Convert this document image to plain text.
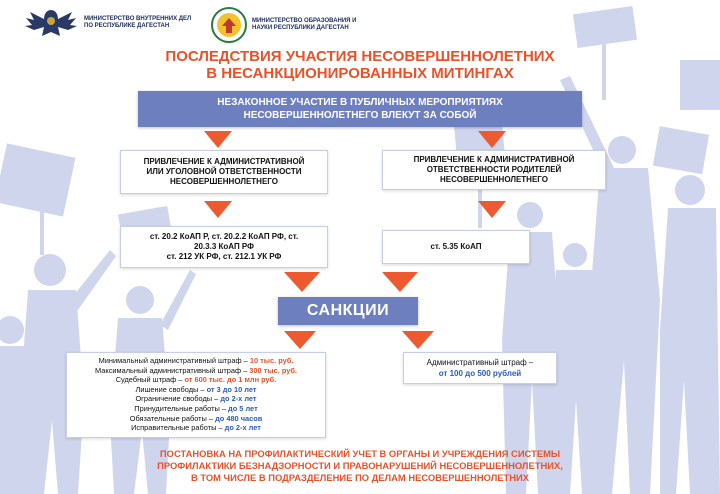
МИНИСТЕРСТВО ВНУТРЕННИХ ДЕЛ ПО РЕСПУБЛИКЕ ДАГЕСТАН
МИНИСТЕРСТВО ОБРАЗОВАНИЯ И НАУКИ РЕСПУБЛИКИ ДАГЕСТАН
ПОСЛЕДСТВИЯ УЧАСТИЯ НЕСОВЕРШЕННОЛЕТНИХ
В НЕСАНКЦИОНИРОВАННЫХ МИТИНГАХ
НЕЗАКОННОЕ УЧАСТИЕ В ПУБЛИЧНЫХ МЕРОПРИЯТИЯХ
НЕСОВЕРШЕННОЛЕТНЕГО ВЛЕКУТ ЗА СОБОЙ
ПРИВЛЕЧЕНИЕ К АДМИНИСТРАТИВНОЙ
ИЛИ УГОЛОВНОЙ ОТВЕТСТВЕННОСТИ
НЕСОВЕРШЕННОЛЕТНЕГО
ПРИВЛЕЧЕНИЕ К АДМИНИСТРАТИВНОЙ
ОТВЕТСТВЕННОСТИ РОДИТЕЛЕЙ
НЕСОВЕРШЕННОЛЕТНЕГО
ст. 20.2 КоАП Р, ст. 20.2.2 КоАП РФ, ст.
20.3.3 КоАП РФ
ст. 212 УК РФ, ст. 212.1 УК РФ
ст. 5.35 КоАП
САНКЦИИ
Минимальный административный штраф – 10 тыс. руб.
Максимальный административный штраф – 300 тыс. руб.
Судебный штраф – от 600 тыс. до 1 млн руб.
Лишение свободы – от 3 до 10 лет
Ограничение свободы – до 2-х лет
Принудительные работы – до 5 лет
Обязательные работы – до 480 часов
Исправительные работы – до 2-х лет
Административный штраф –
от 100 до 500 рублей
ПОСТАНОВКА НА ПРОФИЛАКТИЧЕСКИЙ УЧЕТ В ОРГАНЫ И УЧРЕЖДЕНИЯ СИСТЕМЫ
ПРОФИЛАКТИКИ БЕЗНАДЗОРНОСТИ И ПРАВОНАРУШЕНИЙ НЕСОВЕРШЕННОЛЕТНИХ,
В ТОМ ЧИСЛЕ В ПОДРАЗДЕЛЕНИЕ ПО ДЕЛАМ НЕСОВЕРШЕННОЛЕТНИХ
